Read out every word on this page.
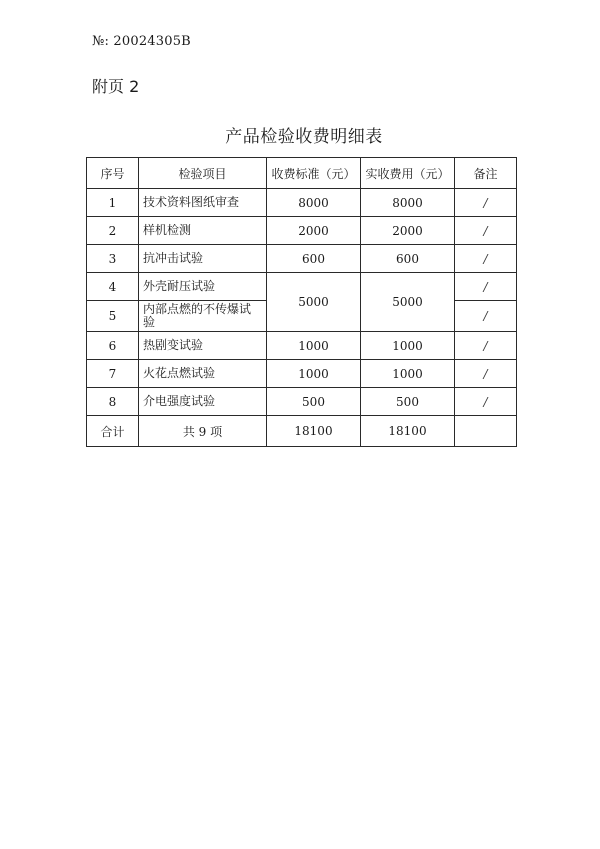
№: 20024305B
附页 2
产品检验收费明细表
序号	检验项目	收费标准（元）	实收费用（元）	备注
1	技术资料图纸审查	8000	8000	/
2	样机检测	2000	2000	/
3	抗冲击试验	600	600	/
4	外壳耐压试验	5000	5000	/
5	内部点燃的不传爆试验			/
6	热剧变试验	1000	1000	/
7	火花点燃试验	1000	1000	/
8	介电强度试验	500	500	/
合计	共 9 项	18100	18100	
